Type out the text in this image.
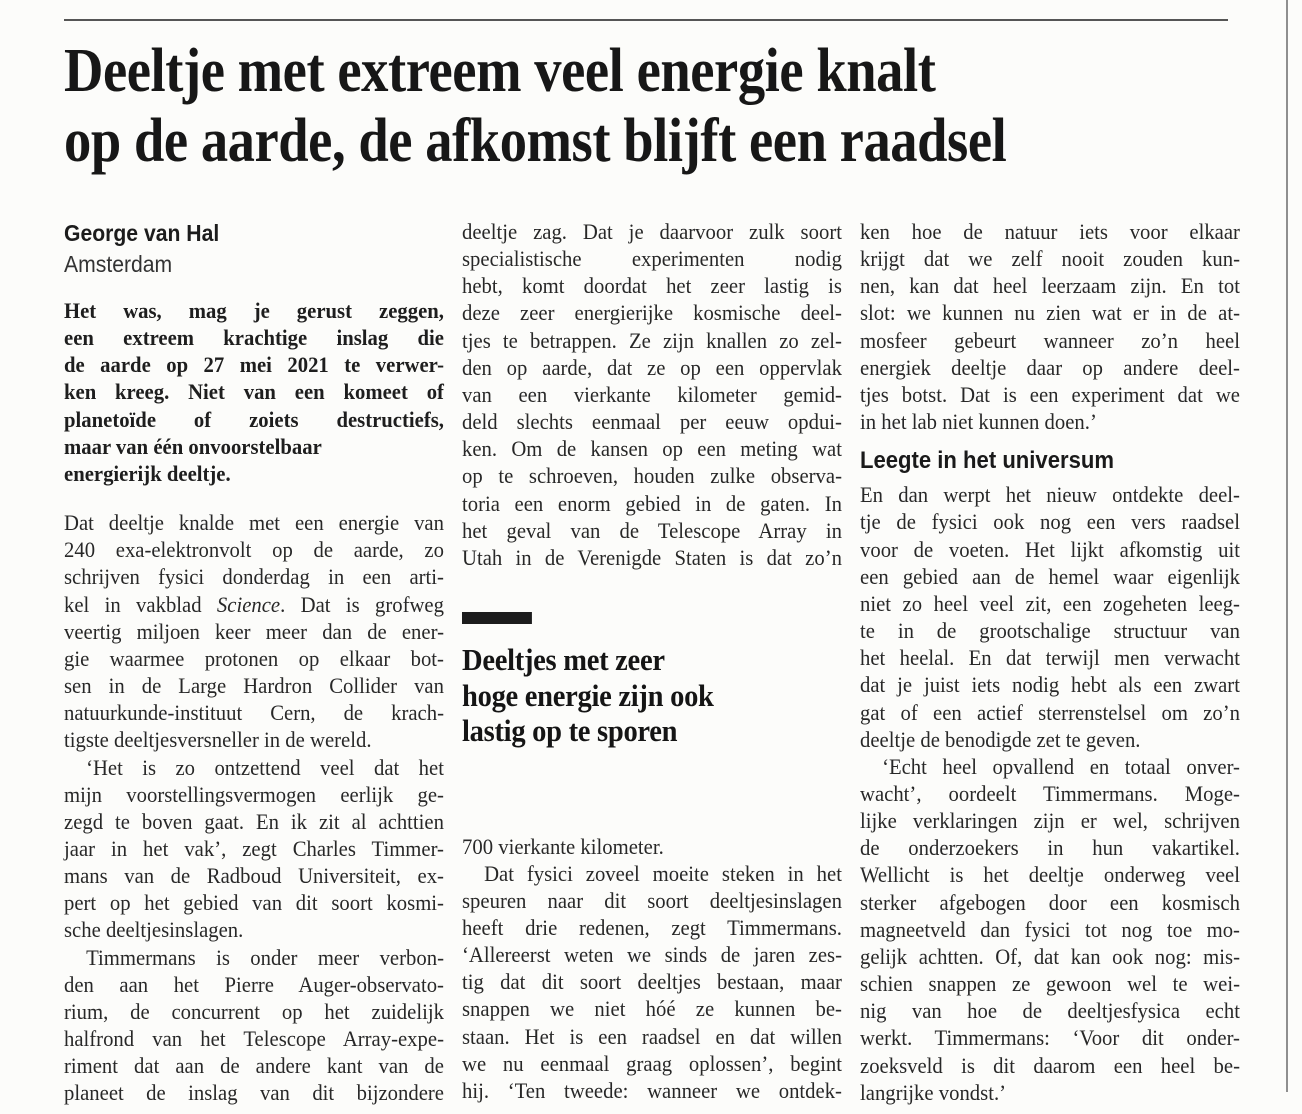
Deeltje met extreem veel energie knalt
op de aarde, de afkomst blijft een raadsel
George van Hal
Amsterdam
Het was, mag je gerust zeggen,
een extreem krachtige inslag die
de aarde op 27 mei 2021 te verwer-
ken kreeg. Niet van een komeet of
planetoïde of zoiets destructiefs,
maar van één onvoorstelbaar
energierijk deeltje.
Dat deeltje knalde met een energie van
240 exa-elektronvolt op de aarde, zo
schrijven fysici donderdag in een arti-
kel in vakblad Science. Dat is grofweg
veertig miljoen keer meer dan de ener-
gie waarmee protonen op elkaar bot-
sen in de Large Hardron Collider van
natuurkunde-instituut Cern, de krach-
tigste deeltjesversneller in de wereld.
‘Het is zo ontzettend veel dat het
mijn voorstellingsvermogen eerlijk ge-
zegd te boven gaat. En ik zit al achttien
jaar in het vak’, zegt Charles Timmer-
mans van de Radboud Universiteit, ex-
pert op het gebied van dit soort kosmi-
sche deeltjesinslagen.
Timmermans is onder meer verbon-
den aan het Pierre Auger-observato-
rium, de concurrent op het zuidelijk
halfrond van het Telescope Array-expe-
riment dat aan de andere kant van de
planeet de inslag van dit bijzondere
deeltje zag. Dat je daarvoor zulk soort
specialistische experimenten nodig
hebt, komt doordat het zeer lastig is
deze zeer energierijke kosmische deel-
tjes te betrappen. Ze zijn knallen zo zel-
den op aarde, dat ze op een oppervlak
van een vierkante kilometer gemid-
deld slechts eenmaal per eeuw opdui-
ken. Om de kansen op een meting wat
op te schroeven, houden zulke observa-
toria een enorm gebied in de gaten. In
het geval van de Telescope Array in
Utah in de Verenigde Staten is dat zo’n
Deeltjes met zeer
hoge energie zijn ook
lastig op te sporen
700 vierkante kilometer.
Dat fysici zoveel moeite steken in het
speuren naar dit soort deeltjesinslagen
heeft drie redenen, zegt Timmermans.
‘Allereerst weten we sinds de jaren zes-
tig dat dit soort deeltjes bestaan, maar
snappen we niet hóé ze kunnen be-
staan. Het is een raadsel en dat willen
we nu eenmaal graag oplossen’, begint
hij. ‘Ten tweede: wanneer we ontdek-
ken hoe de natuur iets voor elkaar
krijgt dat we zelf nooit zouden kun-
nen, kan dat heel leerzaam zijn. En tot
slot: we kunnen nu zien wat er in de at-
mosfeer gebeurt wanneer zo’n heel
energiek deeltje daar op andere deel-
tjes botst. Dat is een experiment dat we
in het lab niet kunnen doen.’
Leegte in het universum
En dan werpt het nieuw ontdekte deel-
tje de fysici ook nog een vers raadsel
voor de voeten. Het lijkt afkomstig uit
een gebied aan de hemel waar eigenlijk
niet zo heel veel zit, een zogeheten leeg-
te in de grootschalige structuur van
het heelal. En dat terwijl men verwacht
dat je juist iets nodig hebt als een zwart
gat of een actief sterrenstelsel om zo’n
deeltje de benodigde zet te geven.
‘Echt heel opvallend en totaal onver-
wacht’, oordeelt Timmermans. Moge-
lijke verklaringen zijn er wel, schrijven
de onderzoekers in hun vakartikel.
Wellicht is het deeltje onderweg veel
sterker afgebogen door een kosmisch
magneetveld dan fysici tot nog toe mo-
gelijk achtten. Of, dat kan ook nog: mis-
schien snappen ze gewoon wel te wei-
nig van hoe de deeltjesfysica echt
werkt. Timmermans: ‘Voor dit onder-
zoeksveld is dit daarom een heel be-
langrijke vondst.’
